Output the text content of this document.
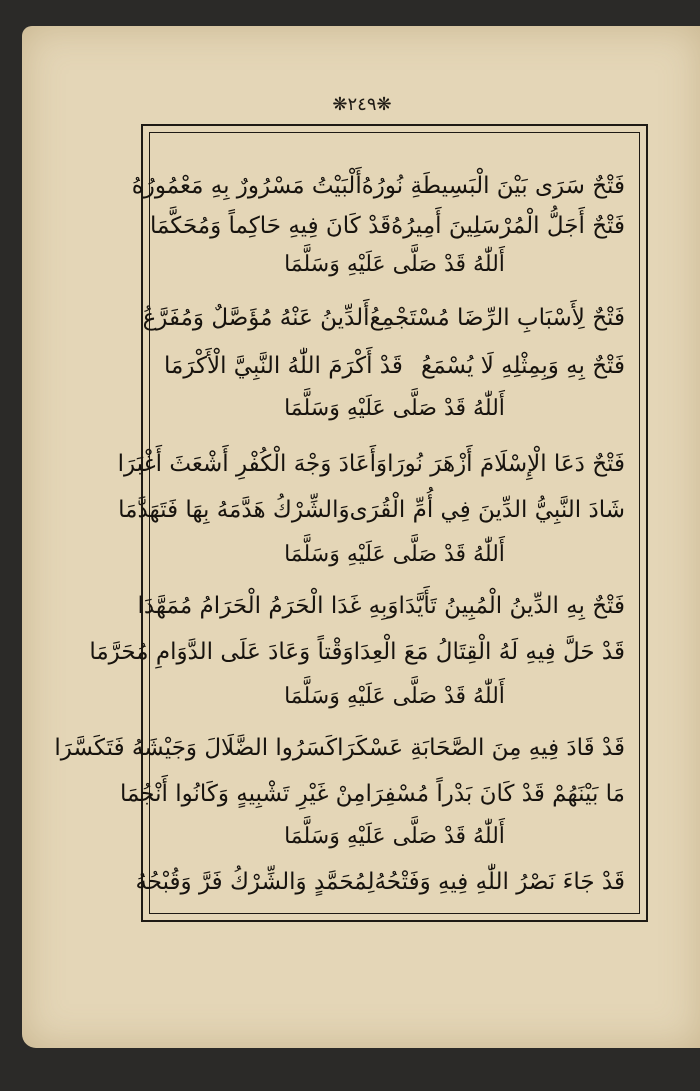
❋٢٤٩❋
فَتْحٌ سَرَى بَيْنَ الْبَسِيطَةِ نُورُهُ
أَلْبَيْتُ مَسْرُورٌ بِهِ مَعْمُورُهُ
فَتْحٌ أَجَلُّ الْمُرْسَلِينَ أَمِيرُهُ
قَدْ كَانَ فِيهِ حَاكِماً وَمُحَكَّمَا
أَللّٰهُ قَدْ صَلَّى عَلَيْهِ وَسَلَّمَا
فَتْحٌ لِأَسْبَابِ الرِّضَا مُسْتَجْمِعُ
أَلدِّينُ عَنْهُ مُؤَصَّلٌ وَمُفَرَّعُ
فَتْحٌ بِهِ وَبِمِثْلِهِ لَا يُسْمَعُ
قَدْ أَكْرَمَ اللّٰهُ النَّبِيَّ الْأَكْرَمَا
أَللّٰهُ قَدْ صَلَّى عَلَيْهِ وَسَلَّمَا
فَتْحٌ دَعَا الْإِسْلَامَ أَزْهَرَ نُورَا
وَأَعَادَ وَجْهَ الْكُفْرِ أَشْعَثَ أَغْبَرَا
شَادَ النَّبِيُّ الدِّينَ فِي أُمِّ الْقُرَى
وَالشِّرْكُ هَدَّمَهُ بِهَا فَتَهَدَّمَا
أَللّٰهُ قَدْ صَلَّى عَلَيْهِ وَسَلَّمَا
فَتْحٌ بِهِ الدِّينُ الْمُبِينُ تَأَيَّدَا
وَبِهِ غَدَا الْحَرَمُ الْحَرَامُ مُمَهَّدَا
قَدْ حَلَّ فِيهِ لَهُ الْقِتَالُ مَعَ الْعِدَا
وَقْتاً وَعَادَ عَلَى الدَّوَامِ مُحَرَّمَا
أَللّٰهُ قَدْ صَلَّى عَلَيْهِ وَسَلَّمَا
قَدْ قَادَ فِيهِ مِنَ الصَّحَابَةِ عَسْكَرَا
كَسَرُوا الضَّلَالَ وَجَيْشَهُ فَتَكَسَّرَا
مَا بَيْنَهُمْ قَدْ كَانَ بَدْراً مُسْفِرَا
مِنْ غَيْرِ تَشْبِيهٍ وَكَانُوا أَنْجُمَا
أَللّٰهُ قَدْ صَلَّى عَلَيْهِ وَسَلَّمَا
قَدْ جَاءَ نَصْرُ اللّٰهِ فِيهِ وَفَتْحُهُ
لِمُحَمَّدٍ وَالشِّرْكُ فَرَّ وَقُبْحُهُ
